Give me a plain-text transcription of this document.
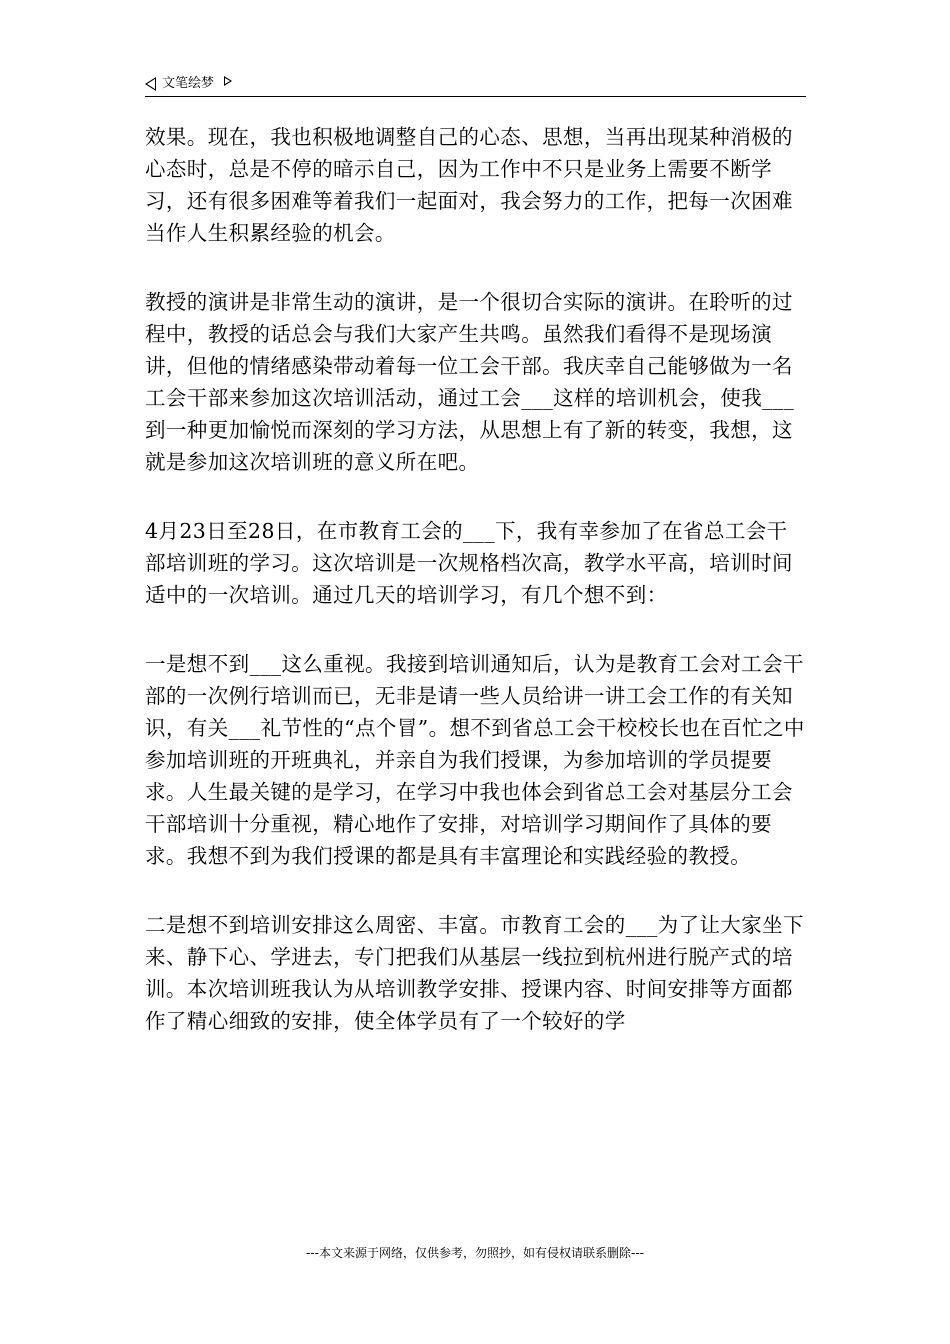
文笔绘梦

效果。现在，我也积极地调整自己的心态、思想，当再出现某种消极的心态时，总是不停的暗示自己，因为工作中不只是业务上需要不断学习，还有很多困难等着我们一起面对，我会努力的工作，把每一次困难当作人生积累经验的机会。

教授的演讲是非常生动的演讲，是一个很切合实际的演讲。在聆听的过程中，教授的话总会与我们大家产生共鸣。虽然我们看得不是现场演讲，但他的情绪感染带动着每一位工会干部。我庆幸自己能够做为一名工会干部来参加这次培训活动，通过工会___这样的培训机会，使我___到一种更加愉悦而深刻的学习方法，从思想上有了新的转变，我想，这就是参加这次培训班的意义所在吧。

4月23日至28日，在市教育工会的___下，我有幸参加了在省总工会干部培训班的学习。这次培训是一次规格档次高，教学水平高，培训时间适中的一次培训。通过几天的培训学习，有几个想不到：

一是想不到___这么重视。我接到培训通知后，认为是教育工会对工会干部的一次例行培训而已，无非是请一些人员给讲一讲工会工作的有关知识，有关___礼节性的“点个冒”。想不到省总工会干校校长也在百忙之中参加培训班的开班典礼，并亲自为我们授课，为参加培训的学员提要求。人生最关键的是学习，在学习中我也体会到省总工会对基层分工会干部培训十分重视，精心地作了安排，对培训学习期间作了具体的要求。我想不到为我们授课的都是具有丰富理论和实践经验的教授。

二是想不到培训安排这么周密、丰富。市教育工会的___为了让大家坐下来、静下心、学进去，专门把我们从基层一线拉到杭州进行脱产式的培训。本次培训班我认为从培训教学安排、授课内容、时间安排等方面都作了精心细致的安排，使全体学员有了一个较好的学

---本文来源于网络，仅供参考，勿照抄，如有侵权请联系删除---
